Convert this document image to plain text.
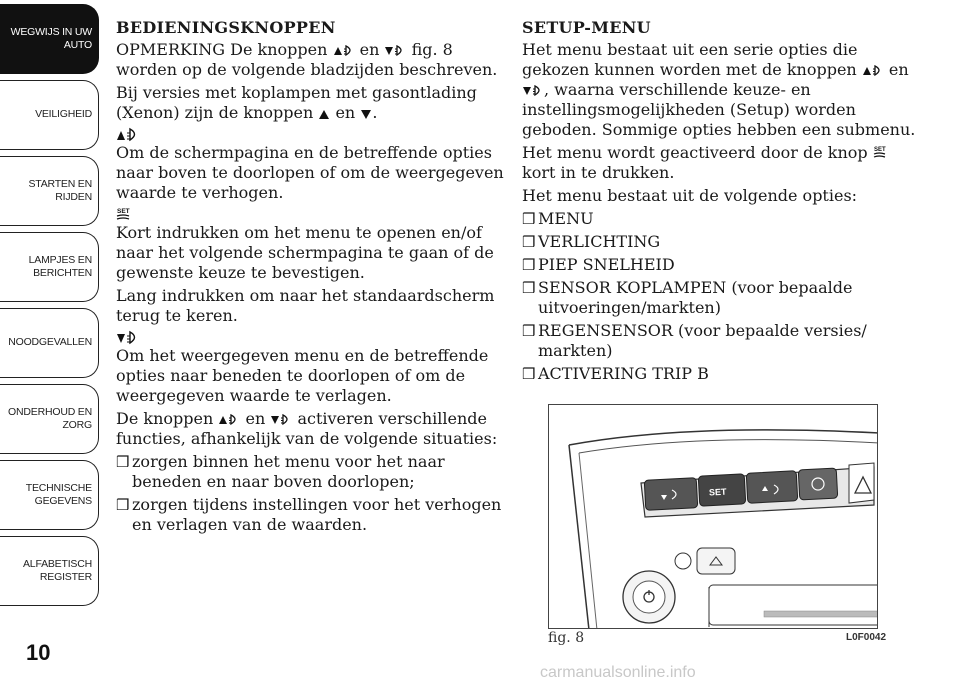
WEGWIJS IN UW
AUTO
VEILIGHEID
STARTEN EN
RIJDEN
LAMPJES EN
BERICHTEN
NOODGEVALLEN
ONDERHOUD EN
ZORG
TECHNISCHE
GEGEVENS
ALFABETISCH
REGISTER
10
BEDIENINGSKNOPPEN
OPMERKING De knoppen en fig. 8 worden op de volgende bladzijden beschreven.
Bij versies met koplampen met gasontlading (Xenon) zijn de knoppen en .
Om de schermpagina en de betreffende opties naar boven te doorlopen of om de weergegeven waarde te verhogen.
SET
Kort indrukken om het menu te openen en/of naar het volgende schermpagina te gaan of de gewenste keuze te bevestigen.
Lang indrukken om naar het standaardscherm terug te keren.
Om het weergegeven menu en de betreffende opties naar beneden te doorlopen of om de weergegeven waarde te verlagen.
De knoppen en activeren verschillende functies, afhankelijk van de volgende situaties:
❒ zorgen binnen het menu voor het naar beneden en naar boven doorlopen;
❒ zorgen tijdens instellingen voor het verhogen en verlagen van de waarden.
SETUP-MENU
Het menu bestaat uit een serie opties die gekozen kunnen worden met de knoppen en , waarna verschillende keuze- en instellingsmogelijkheden (Setup) worden geboden. Sommige opties hebben een submenu.
Het menu wordt geactiveerd door de knop SET
kort in te drukken.
Het menu bestaat uit de volgende opties:
❒ MENU
❒ VERLICHTING
❒ PIEP SNELHEID
❒ SENSOR KOPLAMPEN (voor bepaalde uitvoeringen/markten)
❒ REGENSENSOR (voor bepaalde versies/ markten)
❒ ACTIVERING TRIP B
SET
fig. 8	L0F0042
carmanualsonline.info
